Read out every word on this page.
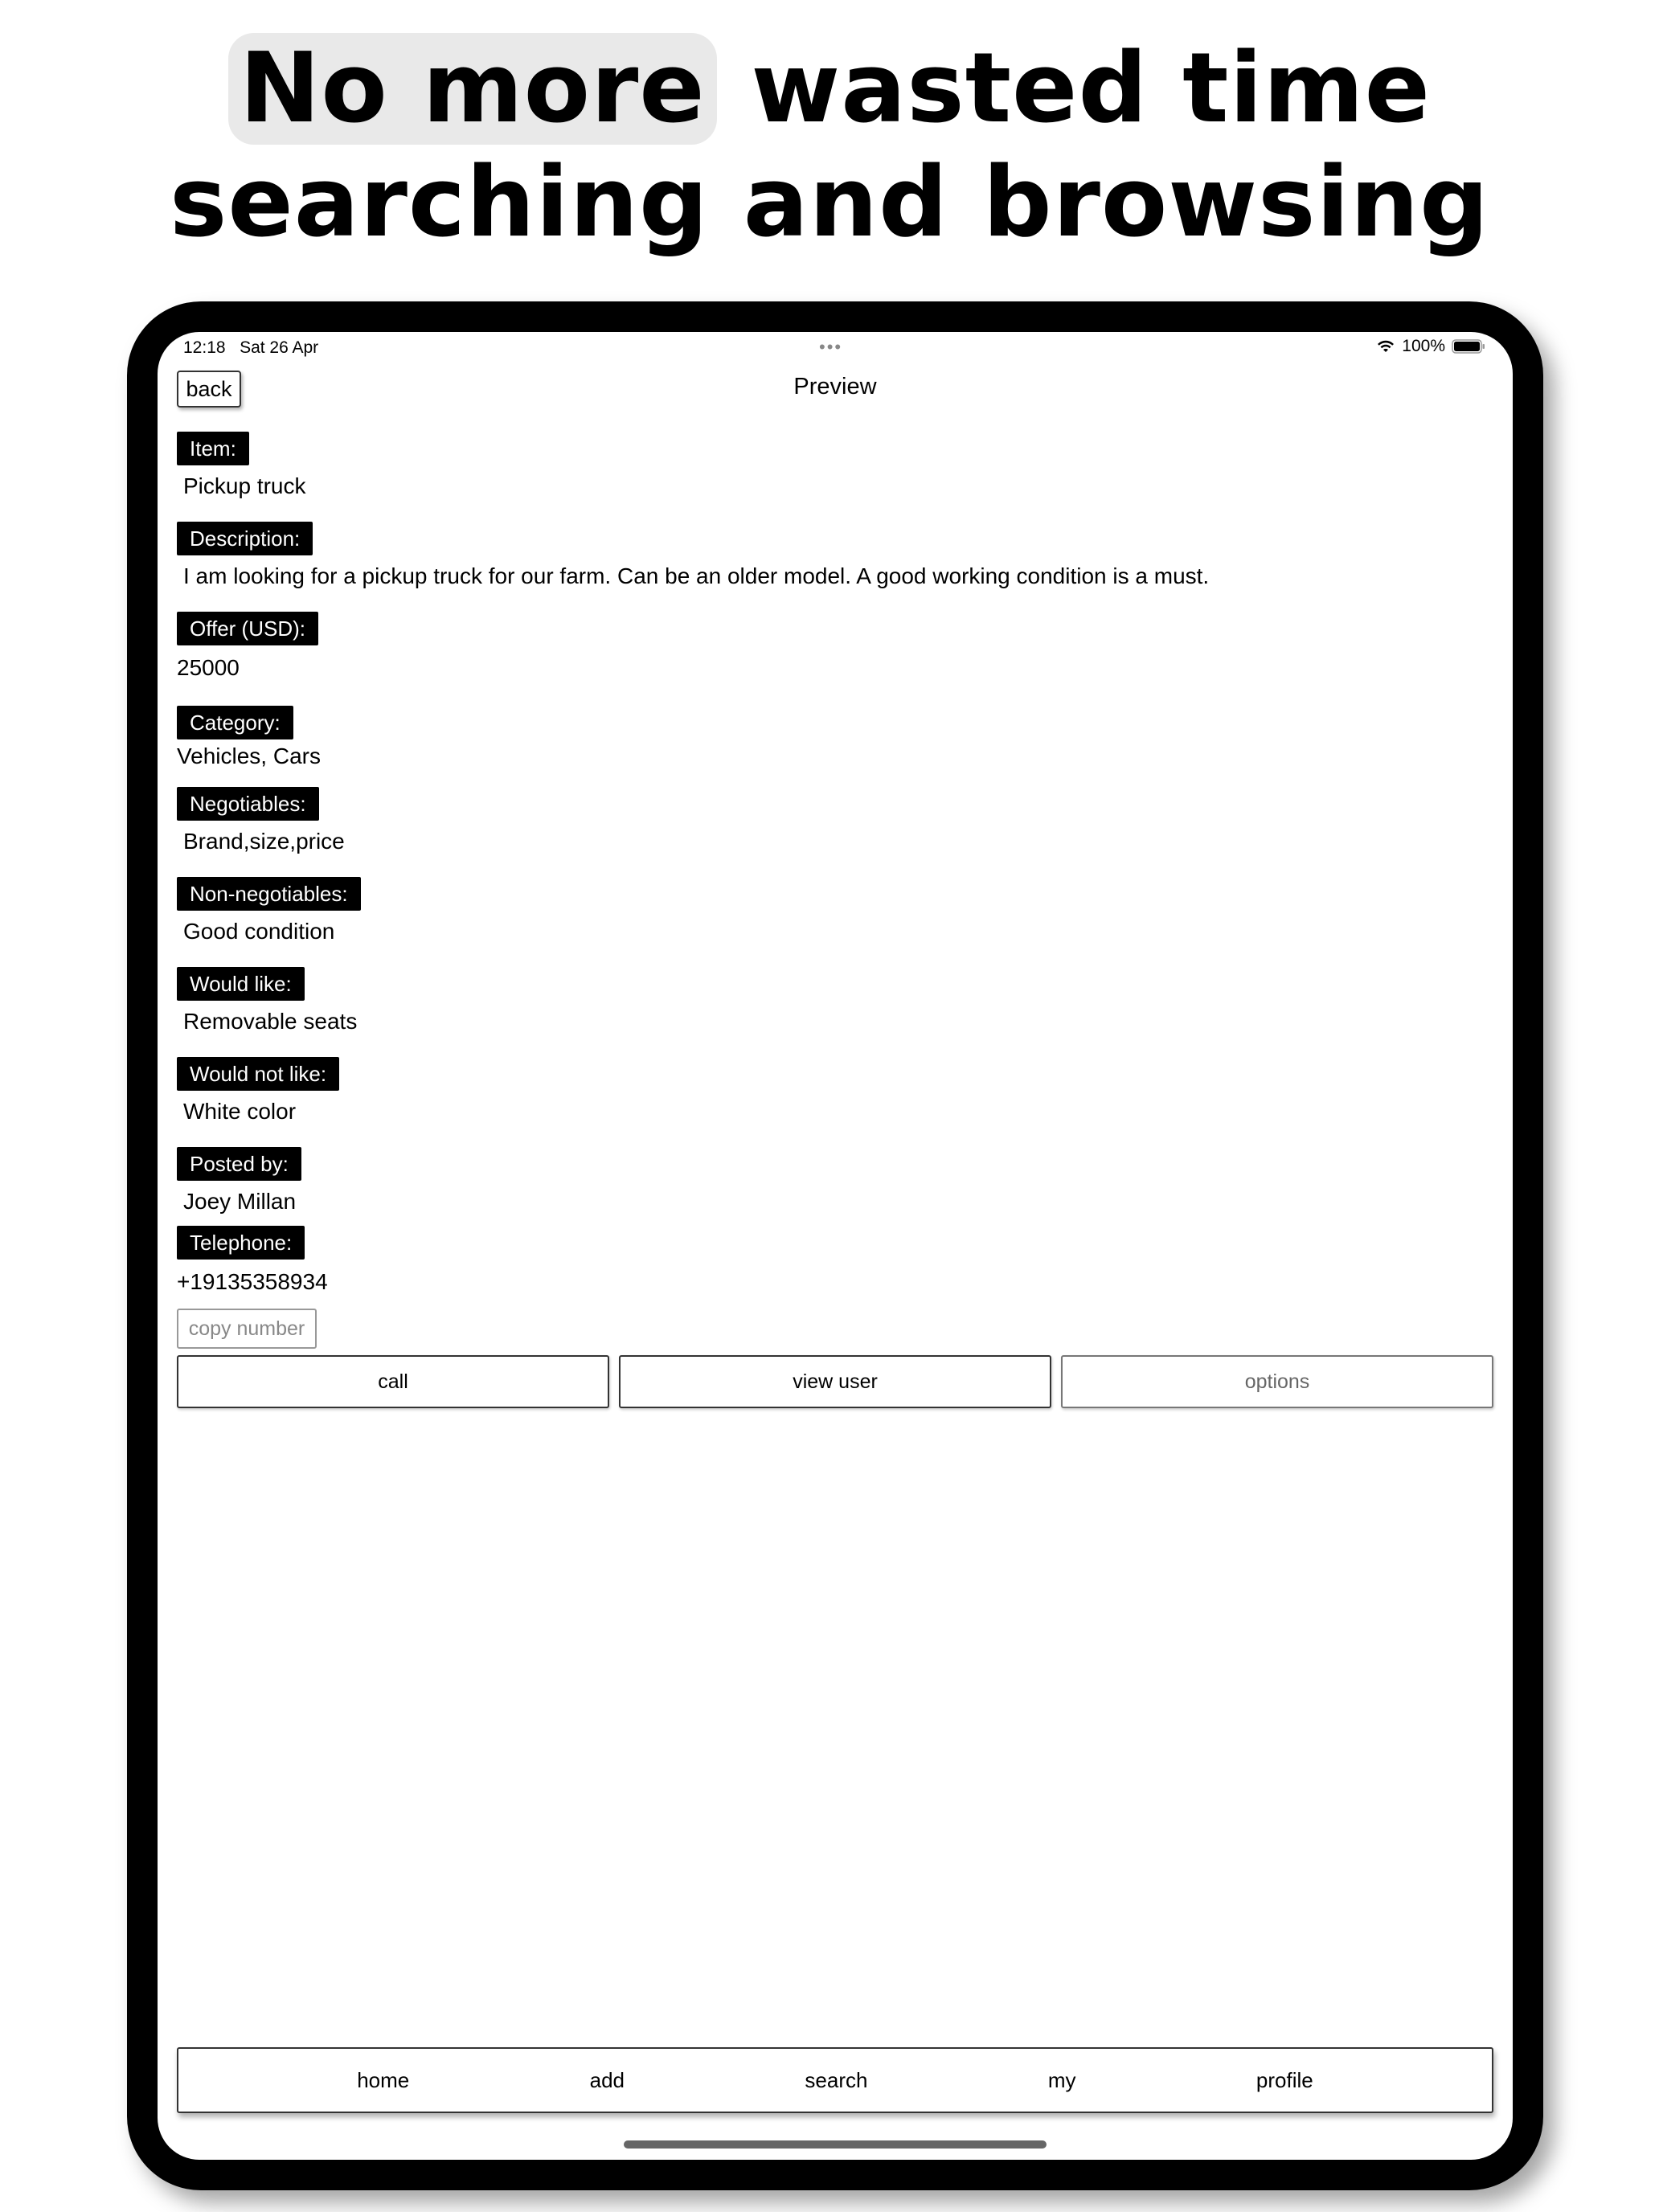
No more wasted time
searching and browsing
12:18 Sat 26 Apr	•••	100%
back	Preview
Item:
Pickup truck
Description:
I am looking for a pickup truck for our farm. Can be an older model. A good working condition is a must.
Offer (USD):
25000
Category:
Vehicles, Cars
Negotiables:
Brand,size,price
Non-negotiables:
Good condition
Would like:
Removable seats
Would not like:
White color
Posted by:
Joey Millan
Telephone:
+19135358934
copy number
call	view user	options
home	add	search	my	profile
